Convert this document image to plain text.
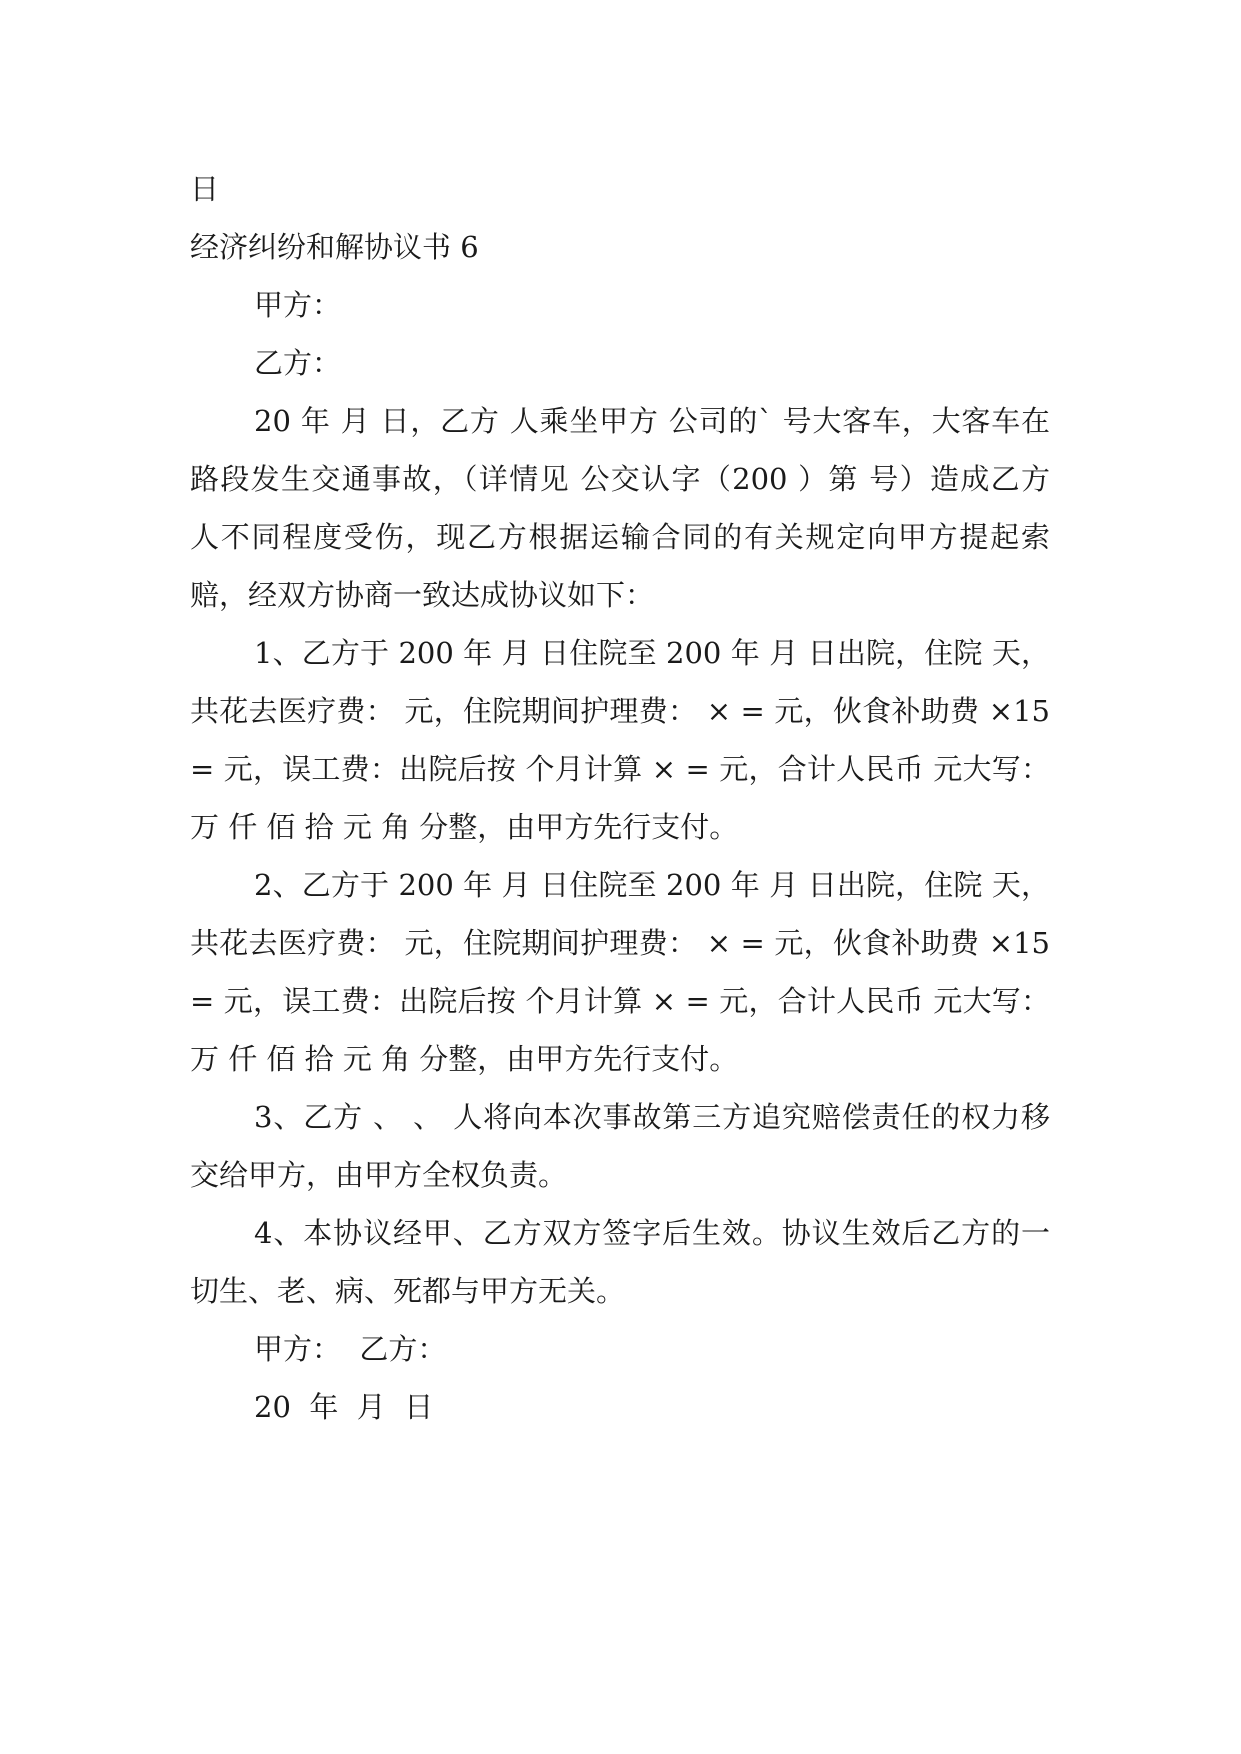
日
经济纠纷和解协议书 6
甲方：
乙方：
20 年 月 日，乙方 人乘坐甲方 公司的` 号大客车，大客车在 路段发生交通事故，（详情见 公交认字（200 ）第 号）造成乙方 人不同程度受伤，现乙方根据运输合同的有关规定向甲方提起索赔，经双方协商一致达成协议如下：
1、乙方于 200 年 月 日住院至 200 年 月 日出院，住院 天，共花去医疗费： 元，住院期间护理费： × = 元，伙食补助费 ×15= 元，误工费：出院后按 个月计算 × = 元，合计人民币 元大写： 万 仟 佰 拾 元 角 分整，由甲方先行支付。
2、乙方于 200 年 月 日住院至 200 年 月 日出院，住院 天，共花去医疗费： 元，住院期间护理费： × = 元，伙食补助费 ×15= 元，误工费：出院后按 个月计算 × = 元，合计人民币 元大写： 万 仟 佰 拾 元 角 分整，由甲方先行支付。
3、乙方 、 、 人将向本次事故第三方追究赔偿责任的权力移交给甲方，由甲方全权负责。
4、本协议经甲、乙方双方签字后生效。协议生效后乙方的一切生、老、病、死都与甲方无关。
甲方：  乙方：
20  年  月  日
